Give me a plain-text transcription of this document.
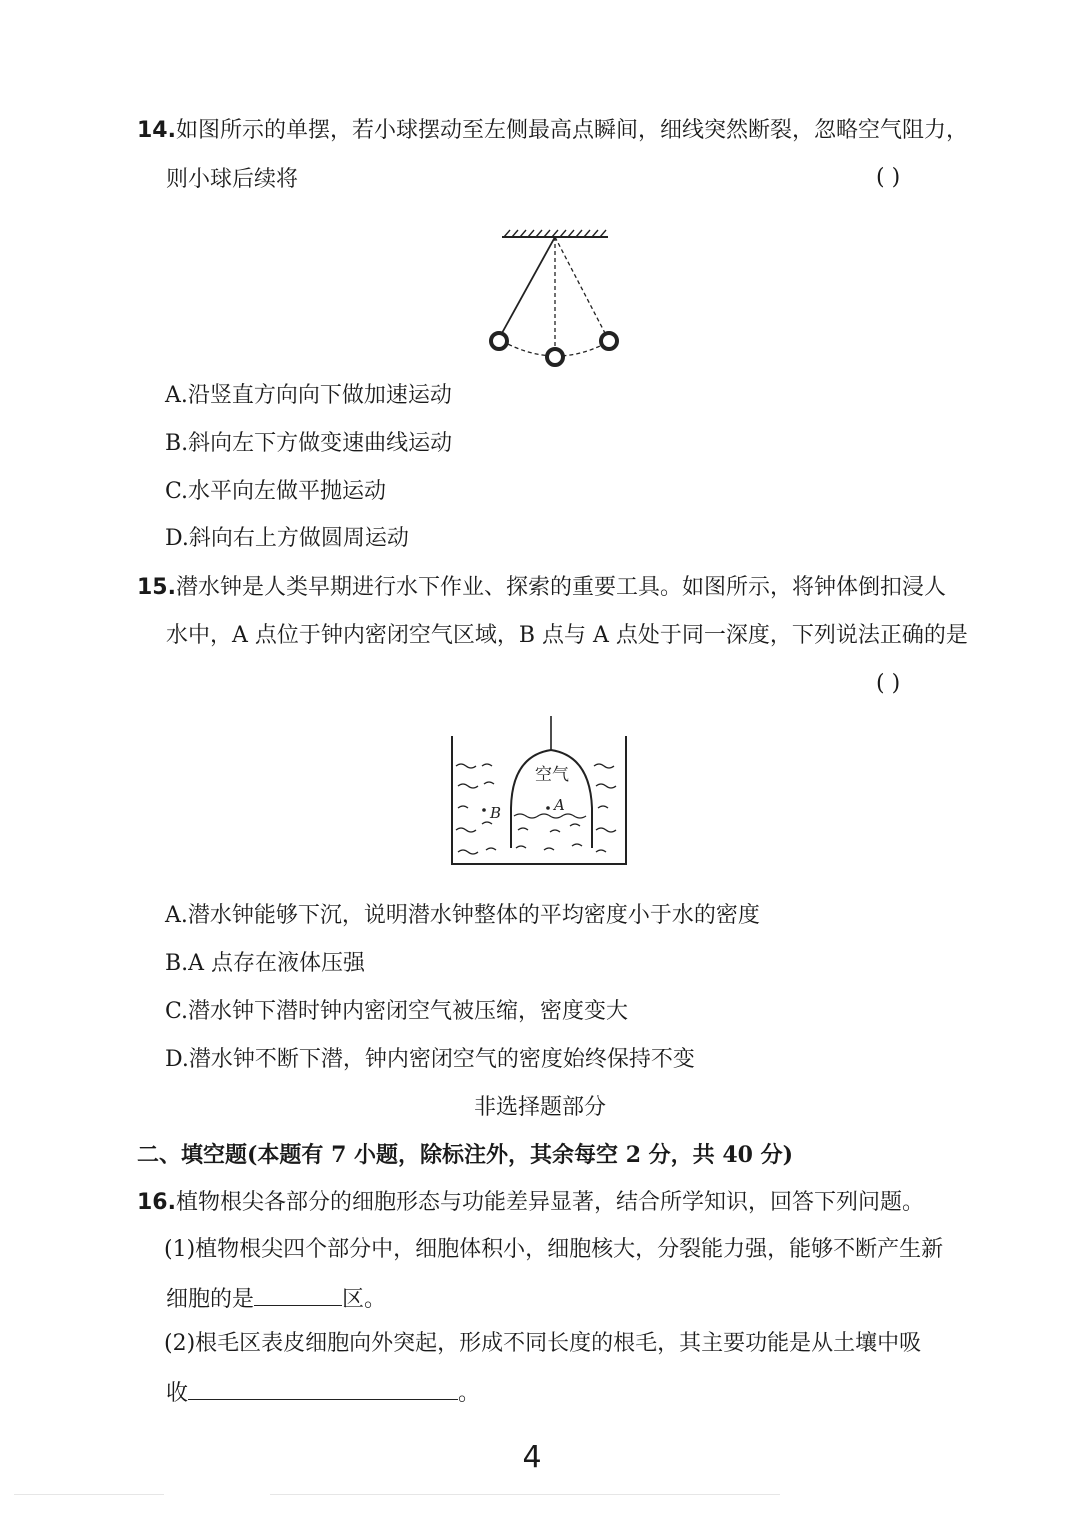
14.如图所示的单摆，若小球摆动至左侧最高点瞬间，细线突然断裂，忽略空气阻力，
则小球后续将	( )
A.沿竖直方向向下做加速运动
B.斜向左下方做变速曲线运动
C.水平向左做平抛运动
D.斜向右上方做圆周运动
15.潜水钟是人类早期进行水下作业、探索的重要工具。如图所示，将钟体倒扣浸人
水中，A 点位于钟内密闭空气区域，B 点与 A 点处于同一深度，下列说法正确的是
( )
空气
A
B
A.潜水钟能够下沉，说明潜水钟整体的平均密度小于水的密度
B.A 点存在液体压强
C.潜水钟下潜时钟内密闭空气被压缩，密度变大
D.潜水钟不断下潜，钟内密闭空气的密度始终保持不变
非选择题部分
二、填空题(本题有 7 小题，除标注外，其余每空 2 分，共 40 分)
16.植物根尖各部分的细胞形态与功能差异显著，结合所学知识，回答下列问题。
(1)植物根尖四个部分中，细胞体积小，细胞核大，分裂能力强，能够不断产生新
细胞的是	区。
(2)根毛区表皮细胞向外突起，形成不同长度的根毛，其主要功能是从土壤中吸
收	。
4
